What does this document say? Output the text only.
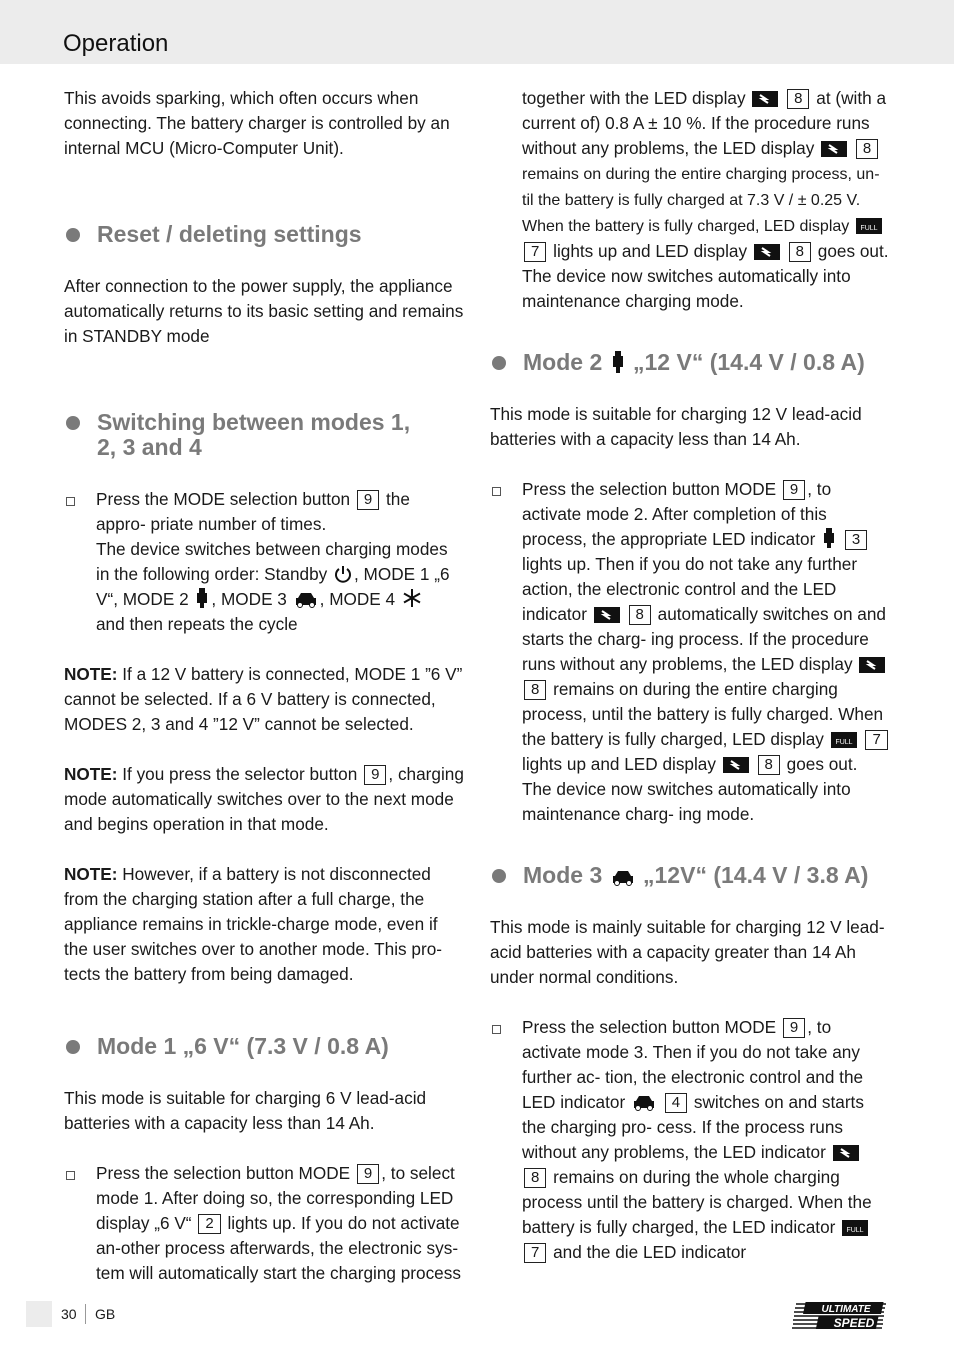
Operation

This avoids sparking, which often occurs when connecting. The battery charger is controlled by an internal MCU (Micro-Computer Unit).

Reset / deleting settings

After connection to the power supply, the appliance automatically returns to its basic setting and remains in STANDBY mode

Switching between modes 1,
2, 3 and 4
Press the MODE selection button 9 the appro- priate number of times.
The device switches between charging modes in the following order: Standby , MODE 1 „6 V“, MODE 2 , MODE 3 , MODE 4
and then repeats the cycle

NOTE: If a 12 V battery is connected, MODE 1 ”6 V” cannot be selected. If a 6 V battery is connected, MODES 2, 3 and 4 ”12 V” cannot be selected.

NOTE: If you press the selector button 9 , charging mode automatically switches over to the next mode and begins operation in that mode.

NOTE: However, if a battery is not disconnected from the charging station after a full charge, the appliance remains in trickle-charge mode, even if the user switches over to another mode. This pro- tects the battery from being damaged.

Mode 1 „6 V“ (7.3 V / 0.8 A)

This mode is suitable for charging 6 V lead-acid batteries with a capacity less than 14 Ah.

Press the selection button MODE 9 , to select mode 1. After doing so, the corresponding LED display „6 V“ 2 lights up. If you do not activate an-other process afterwards, the electronic sys- tem will automatically start the charging process
together with the LED display	8 at (with a current of) 0.8 A ± 10 %. If the procedure runs without any problems, the LED display	8 remains on during the entire charging process, un- til the battery is fully charged at 7.3 V / ± 0.25 V. When the battery is fully charged, LED display FULL
7 lights up and LED display	8 goes out. The device now switches automatically into maintenance charging mode.
Mode 2 „12 V“ (14.4 V / 0.8 A)

This mode is suitable for charging 12 V lead-acid batteries with a capacity less than 14 Ah.

Press the selection button MODE 9 , to activate mode 2. After completion of this process, the appropriate LED indicator 3 lights up. Then if you do not take any further action, the electronic control and the LED indicator	8 automatically switches on and starts the charg- ing process. If the procedure runs without any problems, the LED display  8 remains on during the entire charging process, until the battery is fully charged. When the battery is fully charged, LED display FULL 7 lights up and LED display	8 goes out. The device now switches automatically into maintenance charg- ing mode.
Mode 3 „12V“ (14.4 V / 3.8 A)

This mode is mainly suitable for charging 12 V lead-acid batteries with a capacity greater than 14 Ah under normal conditions.

Press the selection button MODE 9 , to activate mode 3. Then if you do not take any further ac- tion, the electronic control and the LED indicator	4 switches on and starts the charging pro- cess. If the process runs without any problems, the LED indicator  8 remains on during the whole charging process until the battery is charged. When the battery is fully charged, the LED indicator FULL
7 and the die LED indicator
30 GB	ULTIMATE
SPEED
